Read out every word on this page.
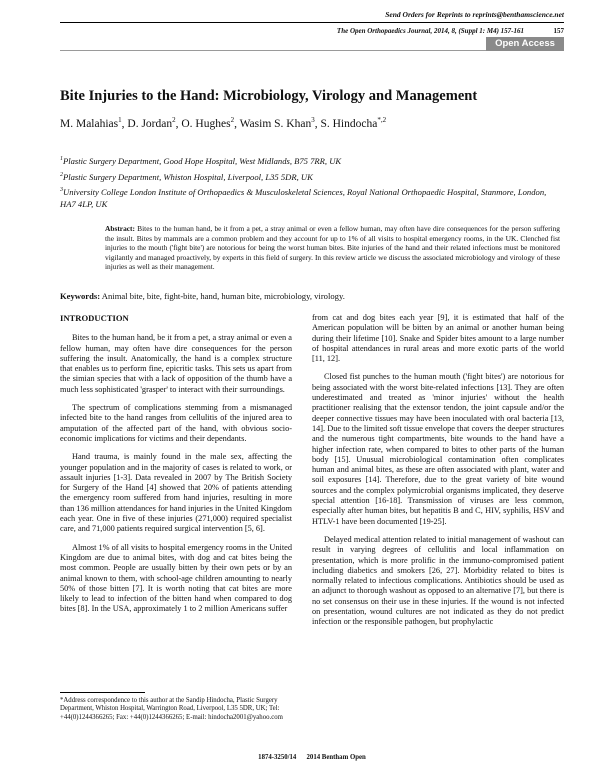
Send Orders for Reprints to reprints@benthamscience.net
The Open Orthopaedics Journal, 2014, 8, (Suppl 1: M4) 157-161	157
Open Access
Bite Injuries to the Hand: Microbiology, Virology and Management
M. Malahias$^1$, D. Jordan$^2$, O. Hughes$^2$, Wasim S. Khan$^3$, S. Hindocha$^{*,2}$
$^1$Plastic Surgery Department, Good Hope Hospital, West Midlands, B75 7RR, UK
$^2$Plastic Surgery Department, Whiston Hospital, Liverpool, L35 5DR, UK
$^3$University College London Institute of Orthopaedics & Musculoskeletal Sciences, Royal National Orthopaedic Hospital, Stanmore, London, HA7 4LP, UK
Abstract: Bites to the human hand, be it from a pet, a stray animal or even a fellow human, may often have dire consequences for the person suffering the insult. Bites by mammals are a common problem and they account for up to 1% of all visits to hospital emergency rooms, in the UK. Clenched fist injuries to the mouth ('fight bite') are notorious for being the worst human bites. Bite injuries of the hand and their related infections must be monitored vigilantly and managed proactively, by experts in this field of surgery. In this review article we discuss the associated microbiology and virology of these injuries as well as their management.
Keywords: Animal bite, bite, fight-bite, hand, human bite, microbiology, virology.

INTRODUCTION

Bites to the human hand, be it from a pet, a stray animal or even a fellow human, may often have dire consequences for the person suffering the insult. Anatomically, the hand is a complex structure that enables us to perform fine, epicritic tasks. This sets us apart from the simian species that with a lack of opposition of the thumb have a much less sophisticated 'grasper' to interact with their surroundings.

The spectrum of complications stemming from a mismanaged infected bite to the hand ranges from cellulitis of the injured area to amputation of the affected part of the hand, with obvious socio-economic implications for victims and their dependants.

Hand trauma, is mainly found in the male sex, affecting the younger population and in the majority of cases is related to work, or assault injuries [1-3]. Data revealed in 2007 by The British Society for Surgery of the Hand [4] showed that 20% of patients attending the emergency room suffered from hand injuries, resulting in more than 136 million attendances for hand injuries in the United Kingdom each year. One in five of these injuries (271,000) required specialist care, and 71,000 patients required surgical intervention [5, 6].

Almost 1% of all visits to hospital emergency rooms in the United Kingdom are due to animal bites, with dog and cat bites being the most common. People are usually bitten by their own pets or by an animal known to them, with school-age children amounting to nearly 50% of those bitten [7]. It is worth noting that cat bites are more likely to lead to infection of the bitten hand when compared to dog bites [8]. In the USA, approximately 1 to 2 million Americans suffer

from cat and dog bites each year [9], it is estimated that half of the American population will be bitten by an animal or another human being during their lifetime [10]. Snake and Spider bites amount to a large number of hospital attendances in rural areas and more exotic parts of the world [11, 12].

Closed fist punches to the human mouth ('fight bites') are notorious for being associated with the worst bite-related infections [13]. They are often underestimated and treated as 'minor injuries' without the health practitioner realising that the extensor tendon, the joint capsule and/or the deeper connective tissues may have been inoculated with oral bacteria [13, 14]. Due to the limited soft tissue envelope that covers the deeper structures and the numerous tight compartments, bite wounds to the hand have a higher infection rate, when compared to bites to other parts of the human body [15]. Unusual microbiological contamination often complicates human and animal bites, as these are often associated with plant, water and soil exposures [14]. Therefore, due to the great variety of bite wound sources and the complex polymicrobial organisms implicated, they deserve special attention [16-18]. Transmission of viruses are less common, especially after human bites, but hepatitis B and C, HIV, syphilis, HSV and HTLV-1 have been documented [19-25].

Delayed medical attention related to initial management of washout can result in varying degrees of cellulitis and local inflammation on presentation, which is more prolific in the immuno-compromised patient including diabetics and smokers [26, 27]. Morbidity related to bites is normally related to infectious complications. Antibiotics should be used as an adjunct to thorough washout as opposed to an alternative [7], but there is no set consensus on their use in these injuries. If the wound is not infected on presentation, wound cultures are not indicated as they do not predict infection or the responsible pathogen, but prophylactic

*Address correspondence to this author at the Sandip Hindocha, Plastic Surgery Department, Whiston Hospital, Warrington Road, Liverpool, L35 5DR, UK; Tel: +44(0)1244366265; Fax: +44(0)1244366265; E-mail: hindocha2001@yahoo.com
1874-3250/14 2014 Bentham Open
